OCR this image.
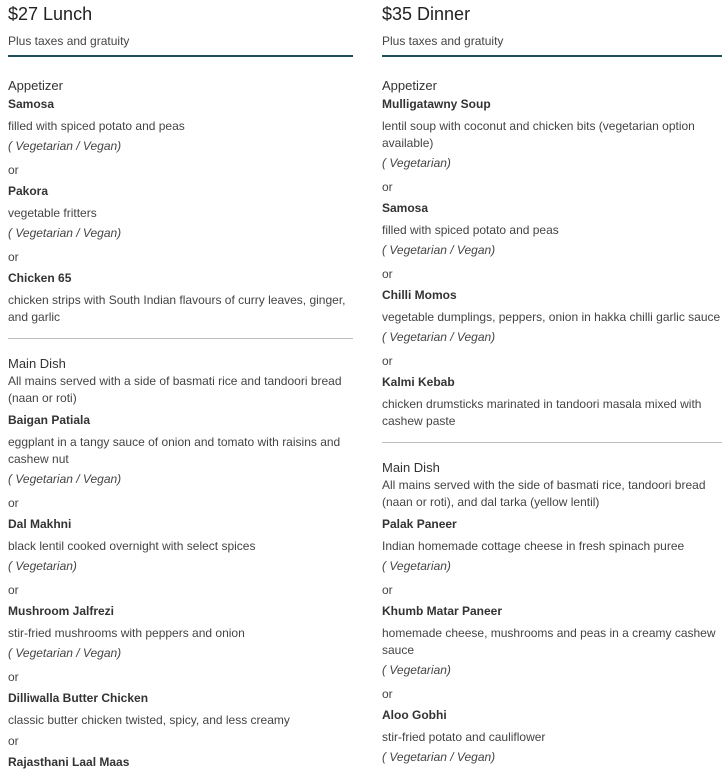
$27 Lunch
Plus taxes and gratuity
Appetizer
Samosa
filled with spiced potato and peas
( Vegetarian / Vegan)
or
Pakora
vegetable fritters
( Vegetarian / Vegan)
or
Chicken 65
chicken strips with South Indian flavours of curry leaves, ginger, and garlic
Main Dish
All mains served with a side of basmati rice and tandoori bread (naan or roti)
Baigan Patiala
eggplant in a tangy sauce of onion and tomato with raisins and cashew nut
( Vegetarian / Vegan)
or
Dal Makhni
black lentil cooked overnight with select spices
( Vegetarian)
or
Mushroom Jalfrezi
stir-fried mushrooms with peppers and onion
( Vegetarian / Vegan)
or
Dilliwalla Butter Chicken
classic butter chicken twisted, spicy, and less creamy
or
Rajasthani Laal Maas
$35 Dinner
Plus taxes and gratuity
Appetizer
Mulligatawny Soup
lentil soup with coconut and chicken bits (vegetarian option available)
( Vegetarian)
or
Samosa
filled with spiced potato and peas
( Vegetarian / Vegan)
or
Chilli Momos
vegetable dumplings, peppers, onion in hakka chilli garlic sauce
( Vegetarian / Vegan)
or
Kalmi Kebab
chicken drumsticks marinated in tandoori masala mixed with cashew paste
Main Dish
All mains served with the side of basmati rice, tandoori bread (naan or roti), and dal tarka (yellow lentil)
Palak Paneer
Indian homemade cottage cheese in fresh spinach puree
( Vegetarian)
or
Khumb Matar Paneer
homemade cheese, mushrooms and peas in a creamy cashew sauce
( Vegetarian)
or
Aloo Gobhi
stir-fried potato and cauliflower
( Vegetarian / Vegan)
